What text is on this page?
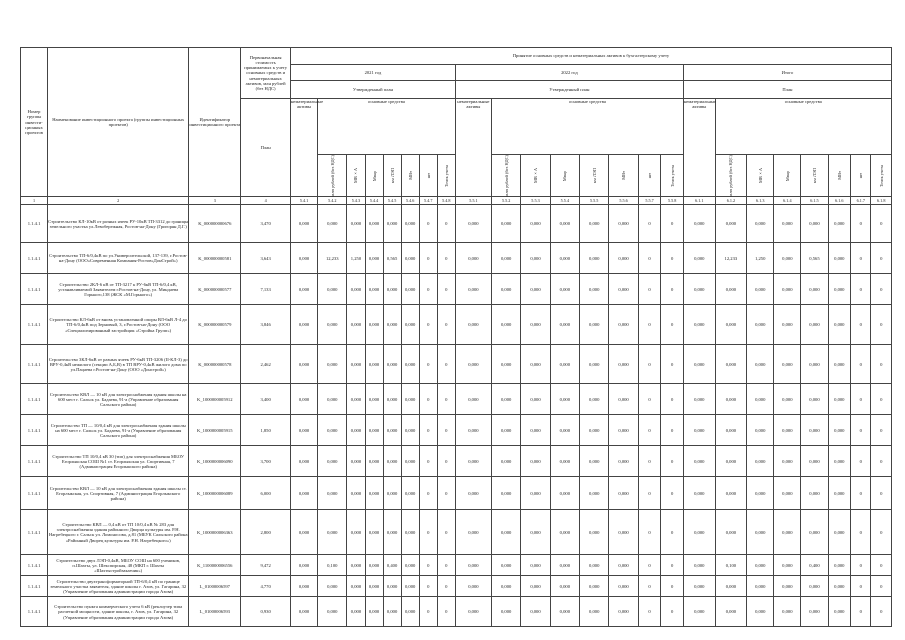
Номер группы инвести-ционных проектов	Наименование инвестиционного проекта (группы инвестиционных проектов)	Идентификатор инвестиционного проекта	Первоначальная стоимость принимаемых к учету основных средств и нематериальных активов, млн рублей (без НДС)	Принятие основных средств и нематериальных активов к бухгалтерскому учету																							
				2021 год								2022 год								Итого							
				Утвержденный план								Утвержденный план								План							
			План	нематериальные активы	основные средства							нематериальные активы	основные средства							нематериальные активы	основные средства						

					млн рублей (без НДС)	МВ×А	Мвар	км ЛЭП	МВт	шт	Точек учета		млн рублей (без НДС)	МВ×А	Мвар	км ЛЭП	МВт	шт	Точек учета		млн рублей (без НДС)	МВ×А	Мвар	км ЛЭП	МВт	шт	Точек учета

1	2	3	4	5.4.1	5.4.2	5.4.3	5.4.4	5.4.5	5.4.6	5.4.7	5.4.8	5.5.1	5.5.2	5.5.3	5.5.4	5.5.5	5.5.6	5.5.7	5.5.8	6.1.1	6.1.2	6.1.3	6.1.4	6.1.5	6.1.6	6.1.7	6.1.8
1.1.4.1	Строительство КЛ-10кВ от разных ячеек РУ-10кВ ТП-3312 до границы земельного участка ул.Левобережная, Ростов-на-Дону (Григорян Д.Г.)	K_000000000676	3,470	0,000	0,000	0,000	0,000	0,000	0,000	0	0	0,000	0,000	0,000	0,000	0,000	0,000	0	0	0,000	0,000	0,000	0,000	0,000	0,000	0	0
1.1.4.1	Строительство ТП-6/0,4кВ по ул.Университельской, 137-139, г.Ростов-на-Дону (ООО«Современная Компания-Ростов»ДонСтрой»)	K_000000000581	3,643	0,000	12,233	1,250	0,000	0,565	0,000	0	0	0,000	0,000	0,000	0,000	0,000	0,000	0	0	0,000	12,233	1,250	0,000	0,565	0,000	0	0
1.1.4.1	Строительство 2КЛ-6 кВ от ТП-3217 к РУ-6кВ ТП-6/0,4 кВ, устанавливаемой Заявителем г.Ростов-на-Дону, ул. Миндаева Горького,138 (ЖСК «М.Горького»)	K_000000000577	7,133	0,000	0,000	0,000	0,000	0,000	0,000	0	0	0,000	0,000	0,000	0,000	0,000	0,000	0	0	0,000	0,000	0,000	0,000	0,000	0,000	0	0
1.1.4.1	Строительство КЛ-6кВ от вновь установленной опоры ВЛ-6кВ Л-4 до ТП-6/0,4кВ под Зерновый, 3, г.Ростов-на-Дону (ООО «Специализированный застройщик «Стройка Групп»)	K_000000000579	3,846	0,000	0,000	0,000	0,000	0,000	0,000	0	0	0,000	0,000	0,000	0,000	0,000	0,000	0	0	0,000	0,000	0,000	0,000	0,000	0,000	0	0
1.1.4.1	Строительство 3КЛ-6кВ от разных ячеек РУ-6кВ ТП-3206 (II-КЛ-3) до ВРУ-0,4кВ нежилого (секции А,Б,В) в ТП ВРУ-0,4кВ жилого дома по ул.Пацаева г.Ростов-на-Дону (ООО «Донстрой»)	K_000000000578	2,462	0,000	0,000	0,000	0,000	0,000	0,000	0	0	0,000	0,000	0,000	0,000	0,000	0,000	0	0	0,000	0,000	0,000	0,000	0,000	0,000	0	0
1.1.4.1	Строительство КВЛ — 10 кВ для электроснабжения здания школы на 600 мест г. Сальск ул. Бадаева, 91-а (Управление образования Сальского района)	K_1000000005912	3,400	0,000	0,000	0,000	0,000	0,000	0,000	0	0	0,000	0,000	0,000	0,000	0,000	0,000	0	0	0,000	0,000	0,000	0,000	0,000	0,000	0	0
1.1.4.1	Строительство ТП — 10/0,4 кВ для электроснабжения здания школы на 600 мест г. Сальск ул. Бадаева, 91-а (Управление образования Сальского района)	K_1000000005915	1,850	0,000	0,000	0,000	0,000	0,000	0,000	0	0	0,000	0,000	0,000	0,000	0,000	0,000	0	0	0,000	0,000	0,000	0,000	0,000	0,000	0	0
1.1.4.1	Строительство ТП 10/0,4 кВ 30 (тип) для электроснабжения МБОУ Егорлыкская СОШ №1 ст. Егорлыкская ул. Спортивная, 7 (Администрация Егорлыкского района)	K_1000000006090	3,700	0,000	0,000	0,000	0,000	0,000	0,000	0	0	0,000	0,000	0,000	0,000	0,000	0,000	0	0	0,000	0,000	0,000	0,000	0,000	0,000	0	0
1.1.4.1	Строительство КВЛ — 10 кВ для электроснабжения здания школы ст. Егорлыкская, ул. Спортивная, 7 (Администрация Егорлыкского района)	K_1000000006089	6,000	0,000	0,000	0,000	0,000	0,000	0,000	0	0	0,000	0,000	0,000	0,000	0,000	0,000	0	0	0,000	0,000	0,000	0,000	0,000	0,000	0	0
1.1.4.1	Строительство КВЛ — 0,4 кВ от ТП 10/0,4 кВ № 283 для электроснабжения здания районного Дворца культуры им. Р.Н. Нагребецкого г. Сальск ул. Ломоносова, д.81 (МБУК Сальского района «Районный Дворец культуры им. Р.Н. Нагребецкого»)	K_1000000006363	2,800	0,000	0,000	0,000	0,000	0,000	0,000	0	0	0,000	0,000	0,000	0,000	0,000	0,000	0	0	0,000	0,000	0,000	0,000	0,000	0,000	0	0
1.1.4.1	Строительство двух ЛЭП-0,4кВ, МБОУ СОШ на 600 учеников, п.Шахты, ул. Шекспирская, 48 (МКП г. Шахты «Шахтыстройзаказчик»)	K_1100000006556	9,472	0,000	0,100	0,000	0,000	0,400	0,000	0	0	0,000	0,000	0,000	0,000	0,000	0,000	0	0	0,000	0,100	0,000	0,000	0,400	0,000	0	0
1.1.4.1	Строительство двухтрансформаторной ТП-6/0,4 кВ по границе земельного участка заявителя, здание школы г. Азов, ул. Гагарина, 32 (Управление образования администрации города Азова)	L_01000006597	4,770	0,000	0,000	0,000	0,000	0,000	0,000	0	0	0,000	0,000	0,000	0,000	0,000	0,000	0	0	0,000	0,000	0,000	0,000	0,000	0,000	0	0
1.1.4.1	Строительство пункта коммерческого учета 6 кВ (реклоузер типа расчетной мощности, здание школы, г. Азов, ул. Гагарина, 32 (Управление образования администрации города Азова)	L_01000006593	0,930	0,000	0,000	0,000	0,000	0,000	0,000	0	0	0,000	0,000	0,000	0,000	0,000	0,000	0	0	0,000	0,000	0,000	0,000	0,000	0,000	0	0
